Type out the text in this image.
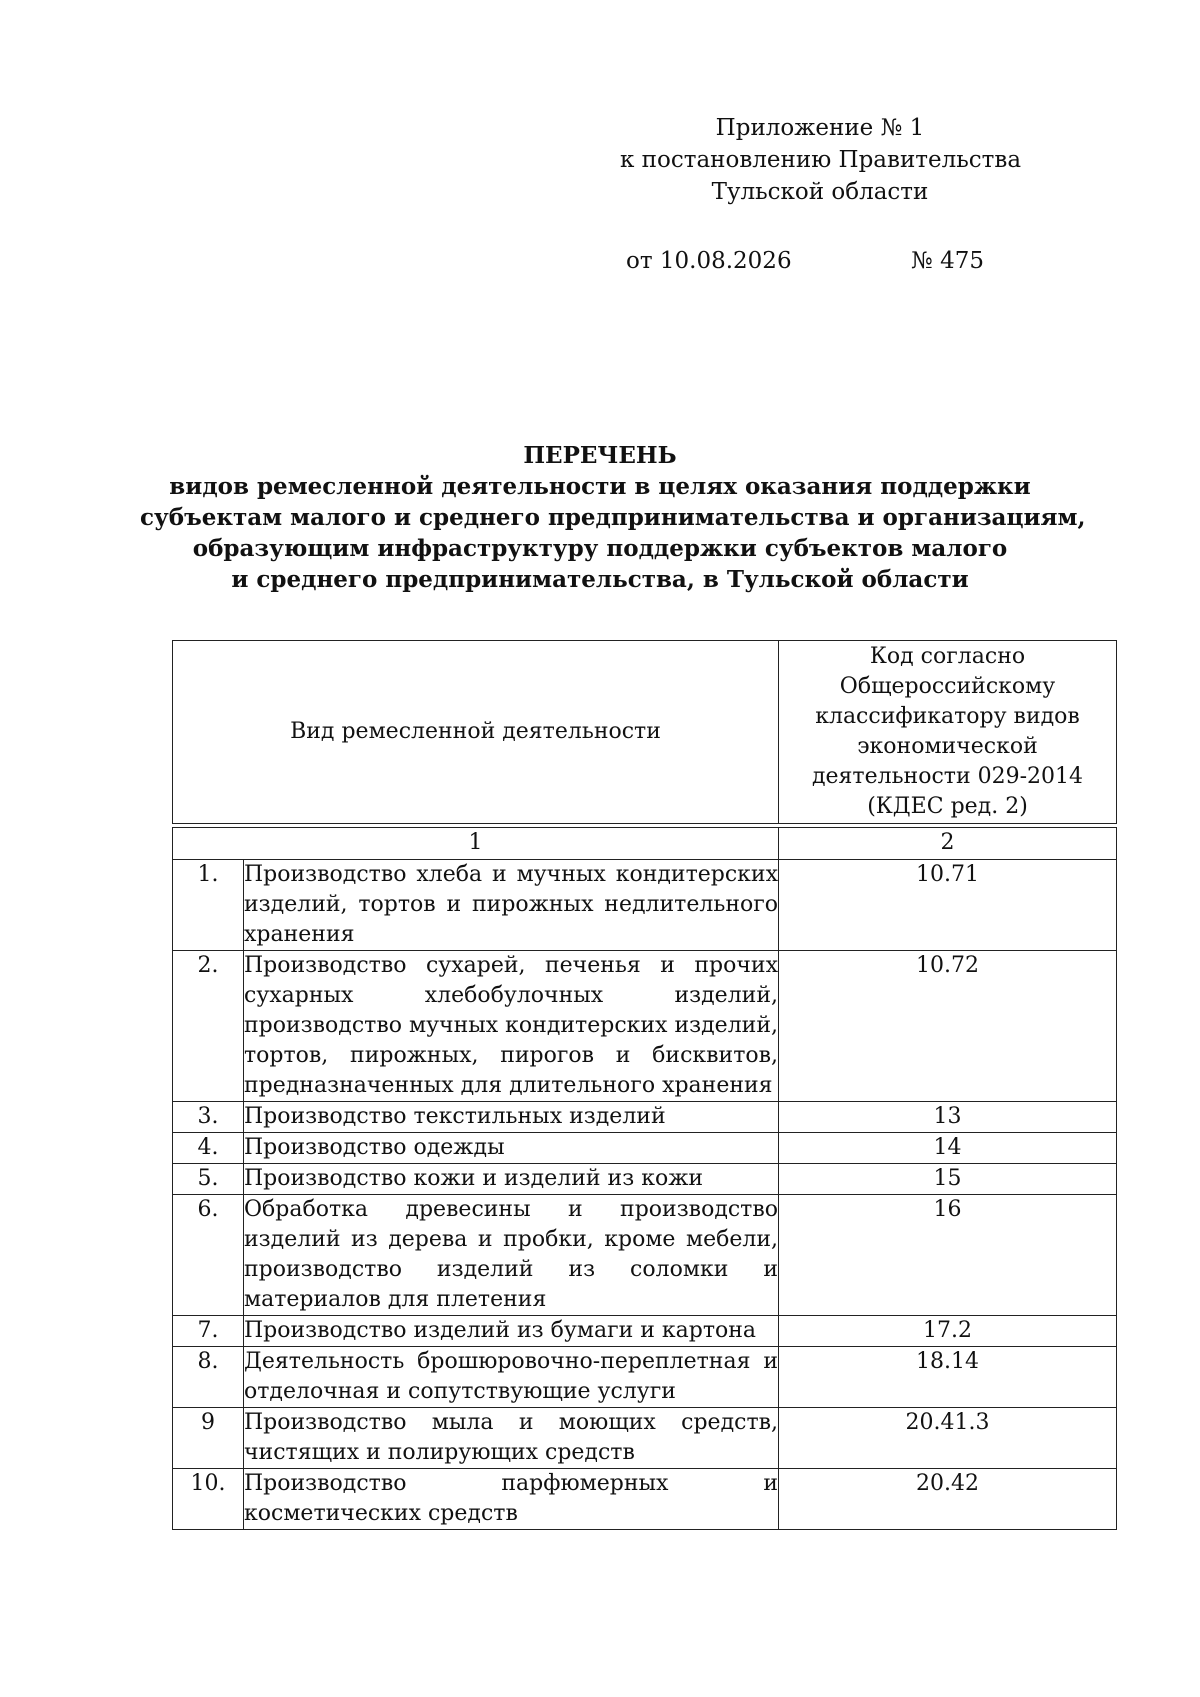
Приложение № 1
к постановлению Правительства
Тульской области
от 10.08.2026	№ 475
ПЕРЕЧЕНЬ
видов ремесленной деятельности в целях оказания поддержки
субъектам малого и среднего предпринимательства и организациям,
образующим инфраструктуру поддержки субъектов малого
и среднего предпринимательства, в Тульской области
Вид ремесленной деятельности		Код согласно Общероссийскому классификатору видов экономической деятельности 029-2014 (КДЕС ред. 2)

1		2
1.	Производство хлеба и мучных кондитерских изделий, тортов и пирожных недлительного хранения	10.71
2.	Производство сухарей, печенья и прочих сухарных хлебобулочных изделий, производство мучных кондитерских изделий, тортов, пирожных, пирогов и бисквитов, предназначенных для длительного хранения	10.72
3.	Производство текстильных изделий	13
4.	Производство одежды	14
5.	Производство кожи и изделий из кожи	15
6.	Обработка древесины и производство изделий из дерева и пробки, кроме мебели, производство изделий из соломки и материалов для плетения	16
7.	Производство изделий из бумаги и картона	17.2
8.	Деятельность брошюровочно-переплетная и отделочная и сопутствующие услуги	18.14
9	Производство мыла и моющих средств, чистящих и полирующих средств	20.41.3
10.	Производство парфюмерных и косметических средств	20.42
